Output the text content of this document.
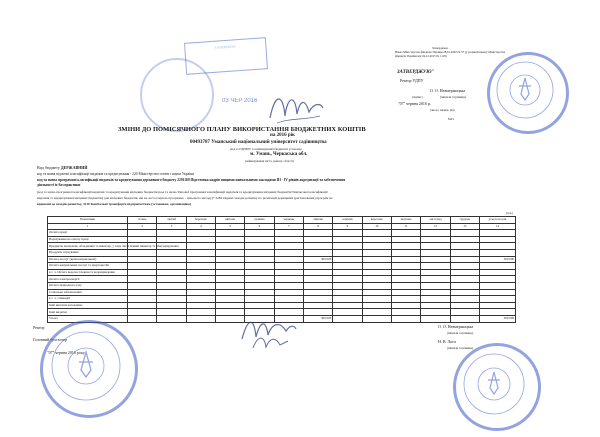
Затверджено
Наказ Міністерства фінансів України 28.01.2002 № 57 (у редакції наказу Міністерства
фінансів України від 04.12.2015 № 1118)
ЗАТВЕРДЖУЮ"
Ректор УДПУ
О. О. Невмержицька
(підпис)	(ініціали і прізвище)
"07" червня 2016 р.
(число, місяць, рік)
М.П.
ЗАТВЕРДЖЕНО
03 ЧЕР 2016
ЗМІНИ ДО ПОМІСЯЧНОГО ПЛАНУ ВИКОРИСТАННЯ БЮДЖЕТНИХ КОШТІВ
на 2016 рік
00493787 Уманський національний університет садівництва
(код за ЄДРПОУ та найменування бюджетної установи)
м. Умань, Черкаська обл.
(найменування міста, району, області)
Вид бюджету ДЕРЖАВНИЙ
код та назва відомчої класифікації видатків та кредитування - 220 Міністерство освіти і науки України
код та назва програмної класифікації видатків та кредитування державного бюджету 2201160 Підготовка кадрів вищими навчальними закладами III - IV рівнів акредитації та забезпечення
діяльності їх баз практики
(код та назва програмної класифікації видатків та кредитування місцевих бюджетів (код та назва Типової програмної класифікації видатків та кредитування місцевих бюджетів/Тимчасової класифікації
видатків та кредитування місцевих бюджетів) для місцевих бюджетів, які не застосовують програмно - цільового методу)* 2282 Окремі заходи розвитку по реалізації державних (регіональних) програм не
віднесені до заходів розвитку, 3210 Капітальні трансферти підприємствам (установам, організаціям)
(грн.)
Показники	січень	лютий	березень	квітень	травень	червень	липень	серпень	вересень	жовтень	листопад	грудень	усього на рік
1	2	3	4	5	6	7	8	9	10	11	12	13	14
Оплата праці													
Нарахування на оплату праці													
Предмети, матеріали, обладнання та інвентар, у тому числі м'який інвентар та обмундирування													
Продукти харчування													
Оплата послуг (крім комунальних)							300 000						300 000
Оплата комунальних послуг та енергоносіїв													
в т. ч. Оплата водопостачання та водовідведення													
Оплата електроенергії													
Оплата природного газу													
Соціальне забезпечення													
в т. ч. стипендії													
Інші виплати населенню													
Інші видатки													
Усього							300 000						300 000
Ректор	О. О. Невмержицька
(ініціали і прізвище)
Головний бухгалтер	Н. В. Лиса
(ініціали і прізвище)
"07" червня 2016 року
